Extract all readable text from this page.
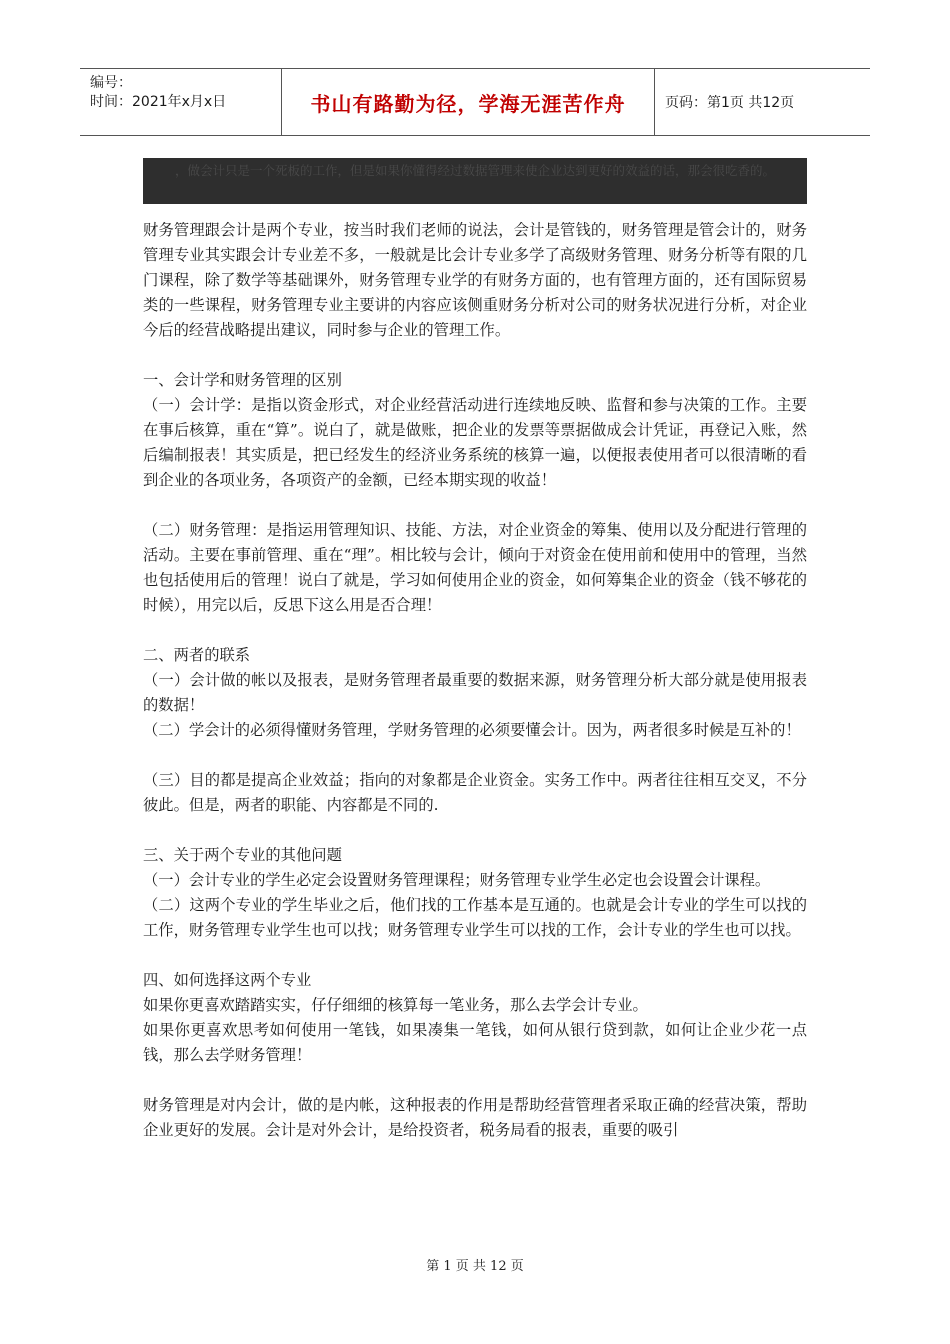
编号：
时间：2021年x月x日	书山有路勤为径，学海无涯苦作舟	页码：第1页 共12页
，做会计只是一个死板的工作，但是如果你懂得经过数据管理来使企业达到更好的效益的话，那会很吃香的。

财务管理跟会计是两个专业，按当时我们老师的说法，会计是管钱的，财务管理是管会计的，财务管理专业其实跟会计专业差不多，一般就是比会计专业多学了高级财务管理、财务分析等有限的几门课程，除了数学等基础课外，财务管理专业学的有财务方面的，也有管理方面的，还有国际贸易类的一些课程，财务管理专业主要讲的内容应该侧重财务分析对公司的财务状况进行分析，对企业今后的经营战略提出建议，同时参与企业的管理工作。

一、会计学和财务管理的区别

（一）会计学：是指以资金形式，对企业经营活动进行连续地反映、监督和参与决策的工作。主要在事后核算，重在“算”。说白了，就是做账，把企业的发票等票据做成会计凭证，再登记入账，然后编制报表！其实质是，把已经发生的经济业务系统的核算一遍，以便报表使用者可以很清晰的看到企业的各项业务，各项资产的金额，已经本期实现的收益！

（二）财务管理：是指运用管理知识、技能、方法，对企业资金的筹集、使用以及分配进行管理的活动。主要在事前管理、重在“理”。相比较与会计，倾向于对资金在使用前和使用中的管理，当然也包括使用后的管理！说白了就是，学习如何使用企业的资金，如何筹集企业的资金（钱不够花的时候），用完以后，反思下这么用是否合理！

二、两者的联系

（一）会计做的帐以及报表，是财务管理者最重要的数据来源，财务管理分析大部分就是使用报表的数据！

（二）学会计的必须得懂财务管理，学财务管理的必须要懂会计。因为，两者很多时候是互补的！

（三）目的都是提高企业效益；指向的对象都是企业资金。实务工作中。两者往往相互交叉，不分彼此。但是，两者的职能、内容都是不同的.

三、关于两个专业的其他问题

（一）会计专业的学生必定会设置财务管理课程；财务管理专业学生必定也会设置会计课程。

（二）这两个专业的学生毕业之后，他们找的工作基本是互通的。也就是会计专业的学生可以找的工作，财务管理专业学生也可以找；财务管理专业学生可以找的工作，会计专业的学生也可以找。

四、如何选择这两个专业

如果你更喜欢踏踏实实，仔仔细细的核算每一笔业务，那么去学会计专业。

如果你更喜欢思考如何使用一笔钱，如果凑集一笔钱，如何从银行贷到款，如何让企业少花一点钱，那么去学财务管理！

财务管理是对内会计，做的是内帐，这种报表的作用是帮助经营管理者采取正确的经营决策，帮助企业更好的发展。会计是对外会计，是给投资者，税务局看的报表，重要的吸引

第 1 页 共 12 页
